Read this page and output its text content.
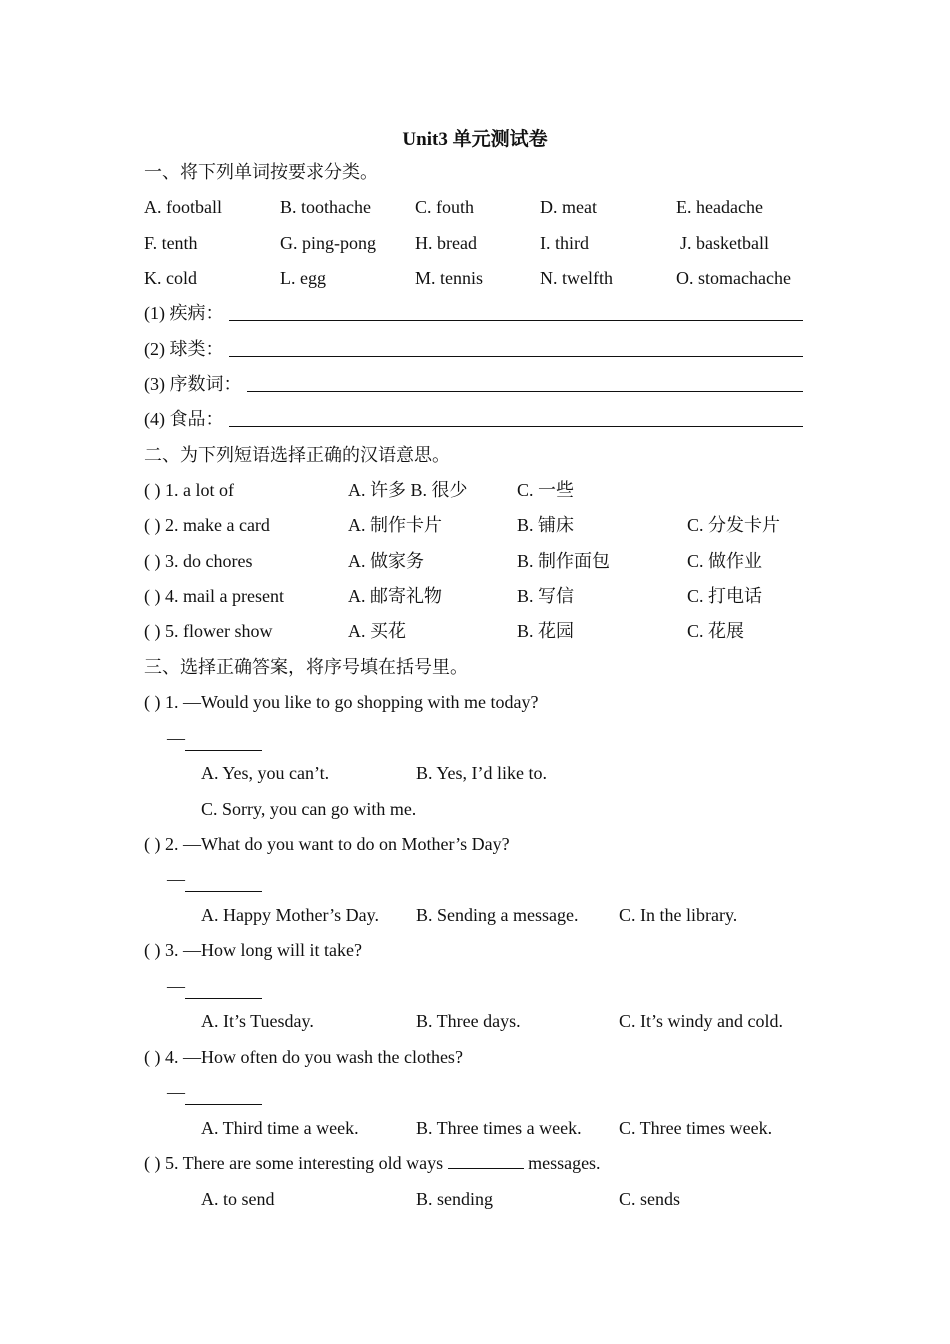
Unit3 单元测试卷
一、将下列单词按要求分类。
A. football	B. toothache C. fouth	D. meat	E. headache
F. tenth	G. ping-pong H. bread	I. third	J. basketball
K. cold	L. egg	M. tennis	N. twelfth	O. stomachache
(1) 疾病：
(2) 球类：
(3) 序数词：
(4) 食品：
二、为下列短语选择正确的汉语意思。
( ) 1. a lot of	A. 许多 B. 很少	C. 一些
( ) 2. make a card	A. 制作卡片	B. 铺床	C. 分发卡片
( ) 3. do chores	A. 做家务	B. 制作面包	C. 做作业
( ) 4. mail a present	A. 邮寄礼物	B. 写信	C. 打电话
( ) 5. flower show	A. 买花	B. 花园	C. 花展
三、选择正确答案，将序号填在括号里。
( ) 1. —Would you like to go shopping with me today?
—
A. Yes, you can’t.	B. Yes, I’d like to.
C. Sorry, you can go with me.
( ) 2. —What do you want to do on Mother’s Day?
—
A. Happy Mother’s Day. B. Sending a message. C. In the library.
( ) 3. —How long will it take?
—
A. It’s Tuesday.	B. Three days.	C. It’s windy and cold.
( ) 4. —How often do you wash the clothes?
—
A. Third time a week.	B. Three times a week. C. Three times week.
( ) 5. There are some interesting old ways	messages.
A. to send	B. sending	C. sends
